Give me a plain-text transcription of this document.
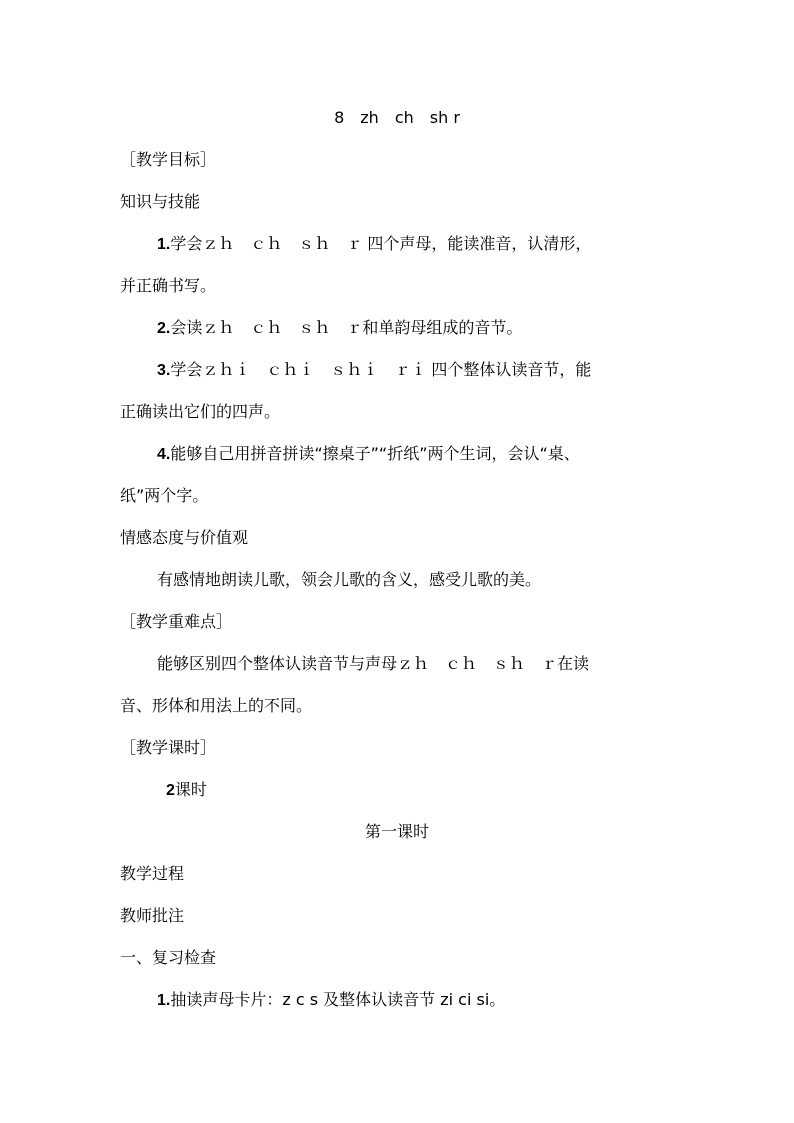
8　zh　ch　sh r
［教学目标］
知识与技能
1.学会ｚｈ　ｃｈ　ｓｈ　ｒ 四个声母，能读准音，认清形，
并正确书写。
2.会读ｚｈ　ｃｈ　ｓｈ　ｒ和单韵母组成的音节。
3.学会ｚｈｉ　ｃｈｉ　ｓｈｉ　ｒｉ 四个整体认读音节，能
正确读出它们的四声。
4.能够自己用拼音拼读“擦桌子”“折纸”两个生词，会认“桌、
纸”两个字。
情感态度与价值观
有感情地朗读儿歌，领会儿歌的含义，感受儿歌的美。
［教学重难点］
能够区别四个整体认读音节与声母ｚｈ　ｃｈ　ｓｈ　ｒ在读
音、形体和用法上的不同。
［教学课时］
2课时
第一课时
教学过程
教师批注
一、复习检查
1.抽读声母卡片：z c s 及整体认读音节 zi ci si。
